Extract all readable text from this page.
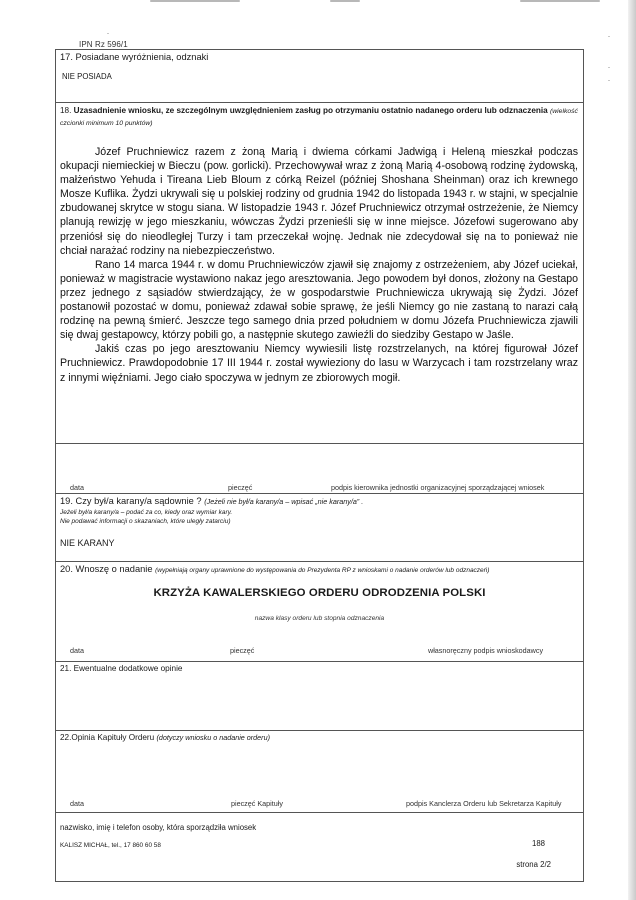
IPN Rz 596/1
17. Posiadane wyróżnienia, odznaki
NIE POSIADA
18. Uzasadnienie wniosku, ze szczególnym uwzględnieniem zasług po otrzymaniu ostatnio nadanego orderu lub odznaczenia (wielkość czcionki minimum 10 punktów)

Józef Pruchniewicz razem z żoną Marią i dwiema córkami Jadwigą i Heleną mieszkał podczas okupacji niemieckiej w Bieczu (pow. gorlicki). Przechowywał wraz z żoną Marią 4-osobową rodzinę żydowską, małżeństwo Yehuda i Tireana Lieb Bloum z córką Reizel (później Shoshana Sheinman) oraz ich krewnego Mosze Kuflika. Żydzi ukrywali się u polskiej rodziny od grudnia 1942 do listopada 1943 r. w stajni, w specjalnie zbudowanej skrytce w stogu siana. W listopadzie 1943 r. Józef Pruchniewicz otrzymał ostrzeżenie, że Niemcy planują rewizję w jego mieszkaniu, wówczas Żydzi przenieśli się w inne miejsce. Józefowi sugerowano aby przeniósł się do nieodległej Turzy i tam przeczekał wojnę. Jednak nie zdecydował się na to ponieważ nie chciał narażać rodziny na niebezpieczeństwo.

Rano 14 marca 1944 r. w domu Pruchniewiczów zjawił się znajomy z ostrzeżeniem, aby Józef uciekał, ponieważ w magistracie wystawiono nakaz jego aresztowania. Jego powodem był donos, złożony na Gestapo przez jednego z sąsiadów stwierdzający, że w gospodarstwie Pruchniewicza ukrywają się Żydzi. Józef postanowił pozostać w domu, ponieważ zdawał sobie sprawę, że jeśli Niemcy go nie zastaną to narazi całą rodzinę na pewną śmierć. Jeszcze tego samego dnia przed południem w domu Józefa Pruchniewicza zjawili się dwaj gestapowcy, którzy pobili go, a następnie skutego zawieźli do siedziby Gestapo w Jaśle.

Jakiś czas po jego aresztowaniu Niemcy wywiesili listę rozstrzelanych, na której figurował Józef Pruchniewicz. Prawdopodobnie 17 III 1944 r. został wywieziony do lasu w Warzycach i tam rozstrzelany wraz z innymi więźniami. Jego ciało spoczywa w jednym ze zbiorowych mogił.

data	pieczęć	podpis kierownika jednostki organizacyjnej sporządzającej wniosek
19. Czy był/a karany/a sądownie ? (Jeżeli nie był/a karany/a – wpisać „nie karany/a” .
Jeżeli był/a karany/a – podać za co, kiedy oraz wymiar kary.
Nie podawać informacji o skazaniach, które uległy zatarciu)
NIE KARANY
20. Wnoszę o nadanie (wypełniają organy uprawnione do występowania do Prezydenta RP z wnioskami o nadanie orderów lub odznaczeń)
KRZYŻA KAWALERSKIEGO ORDERU ODRODZENIA POLSKI
nazwa klasy orderu lub stopnia odznaczenia
data	pieczęć	własnoręczny podpis wnioskodawcy
21. Ewentualne dodatkowe opinie
22.Opinia Kapituły Orderu (dotyczy wniosku o nadanie orderu)
data	pieczęć Kapituły	podpis Kanclerza Orderu lub Sekretarza Kapituły
nazwisko, imię i telefon osoby, która sporządziła wniosek
KALISZ MICHAŁ, tel., 17 860 60 58
strona 2/2
188
